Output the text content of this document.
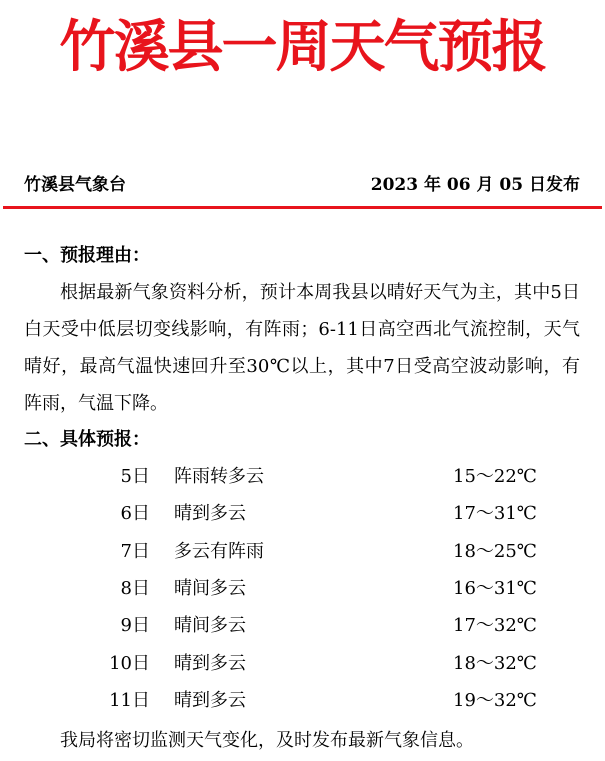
竹溪县一周天气预报
竹溪县气象台	2023 年 06 月 05 日发布
一、预报理由：

根据最新气象资料分析，预计本周我县以晴好天气为主，其中5日白天受中低层切变线影响，有阵雨；6-11日高空西北气流控制，天气晴好，最高气温快速回升至30℃以上，其中7日受高空波动影响，有阵雨，气温下降。

二、具体预报：
5日 阵雨转多云	15～22℃
6日 晴到多云	17～31℃
7日 多云有阵雨	18～25℃
8日 晴间多云	16～31℃
9日 晴间多云	17～32℃
10日 晴到多云	18～32℃
11日 晴到多云	19～32℃

我局将密切监测天气变化，及时发布最新气象信息。
